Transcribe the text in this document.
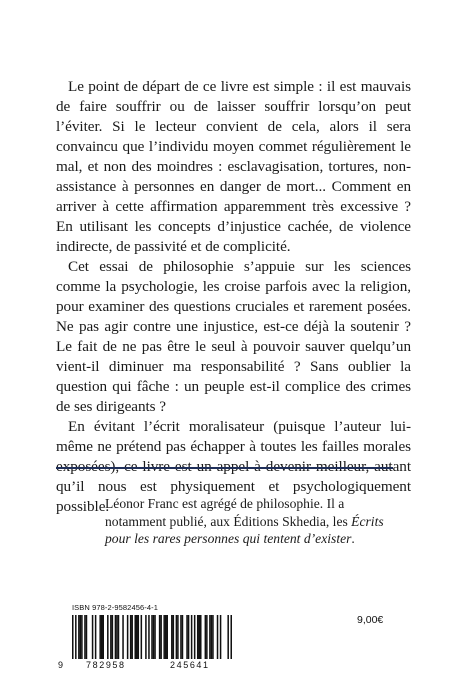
Le point de départ de ce livre est simple : il est mauvais de faire souffrir ou de laisser souffrir lorsqu’on peut l’éviter. Si le lecteur convient de cela, alors il sera convaincu que l’individu moyen commet régulièrement le mal, et non des moindres : esclavagisation, tortures, non-assistance à personnes en danger de mort... Comment en arriver à cette affirmation apparemment très excessive ? En utilisant les concepts d’injustice cachée, de violence indirecte, de passivité et de complicité.

Cet essai de philosophie s’appuie sur les sciences comme la psychologie, les croise parfois avec la religion, pour examiner des questions cruciales et rarement posées. Ne pas agir contre une injustice, est-ce déjà la soutenir ? Le fait de ne pas être le seul à pouvoir sauver quelqu’un vient-il diminuer ma responsabilité ? Sans oublier la question qui fâche : un peuple est-il complice des crimes de ses dirigeants ?

En évitant l’écrit moralisateur (puisque l’auteur lui-même ne prétend pas échapper à toutes les failles morales exposées), ce livre est un appel à devenir meilleur, autant qu’il nous est physiquement et psychologiquement possible.

Léonor Franc est agrégé de philosophie. Il a notamment publié, aux Éditions Skhedia, les Écrits pour les rares personnes qui tentent d’exister.
ISBN 978-2-9582456-4-1
9 782958	245641
9,00€
